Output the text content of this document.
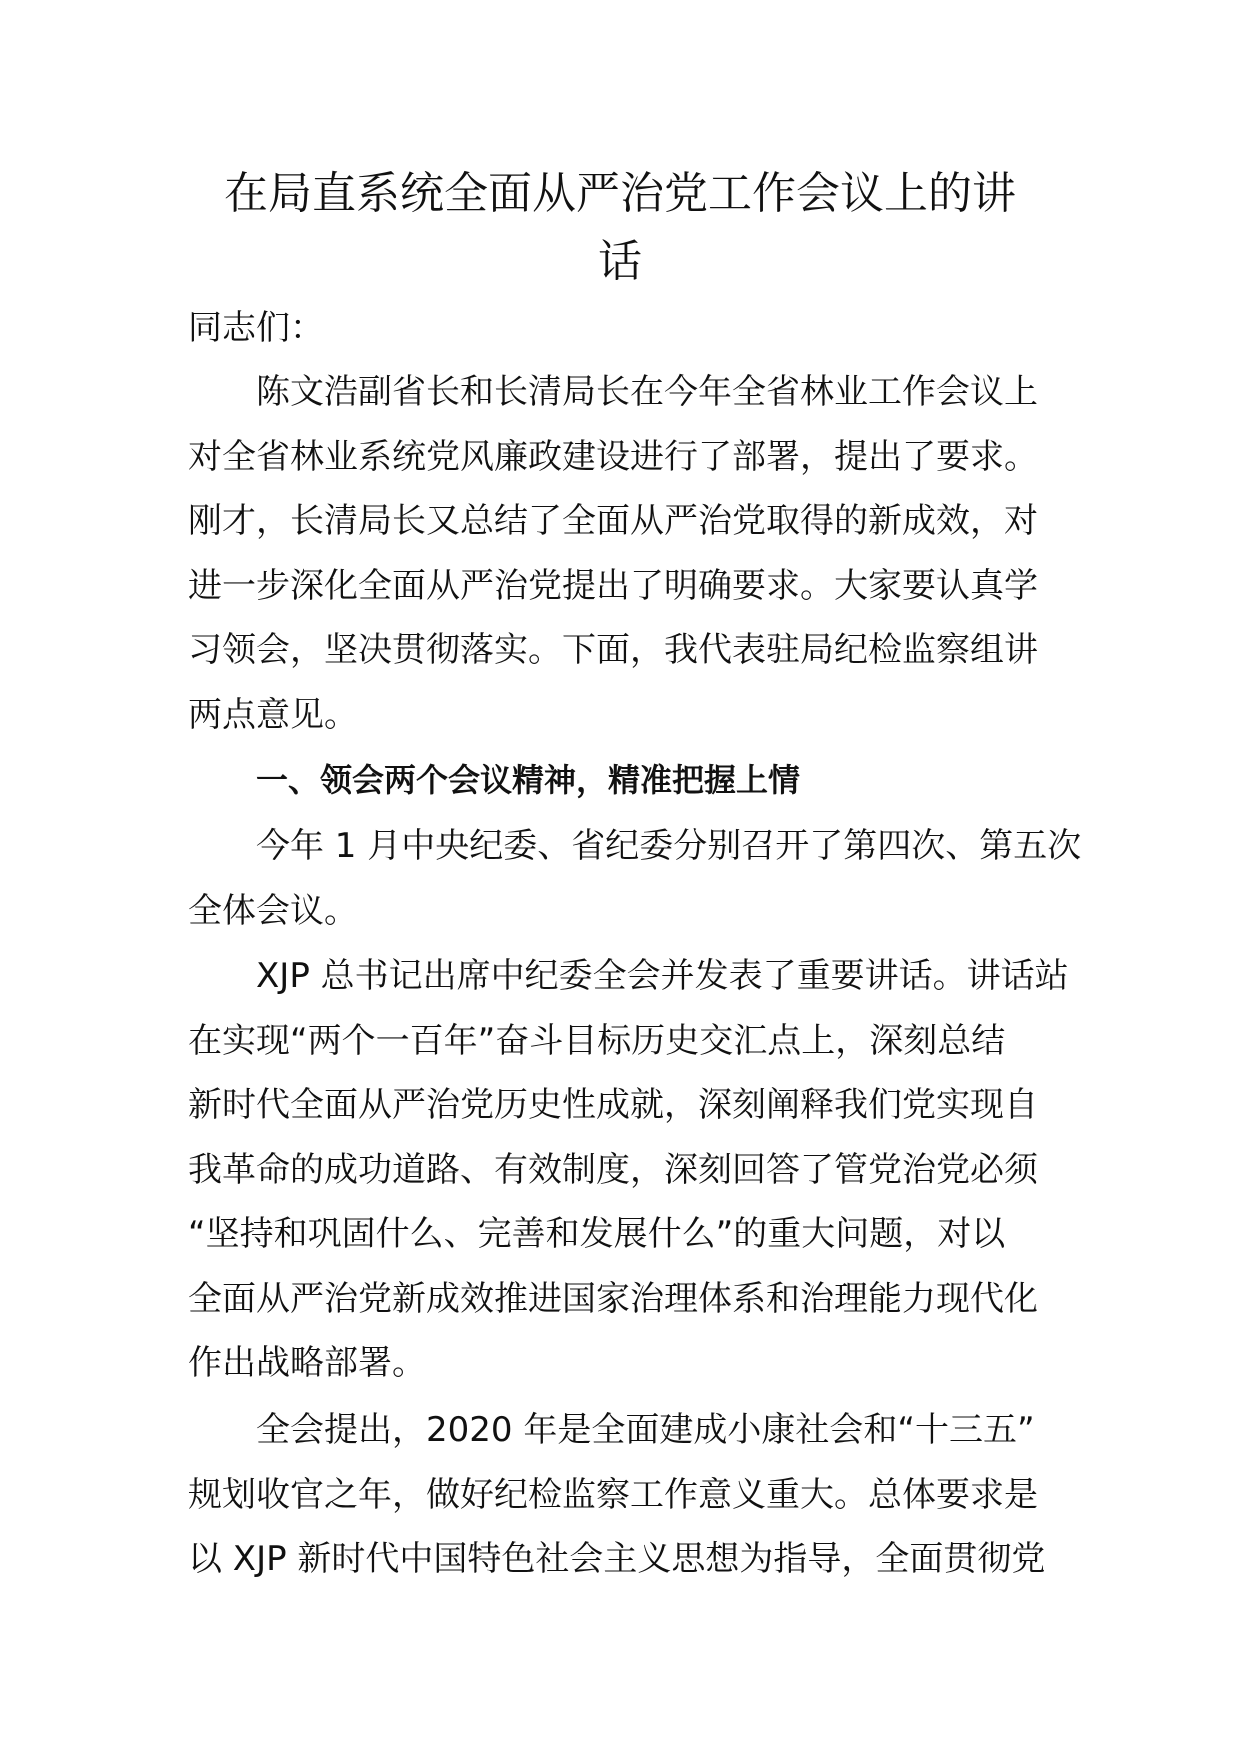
在局直系统全面从严治党工作会议上的讲
话

同志们：

陈文浩副省长和长清局长在今年全省林业工作会议上
对全省林业系统党风廉政建设进行了部署，提出了要求。
刚才，长清局长又总结了全面从严治党取得的新成效，对
进一步深化全面从严治党提出了明确要求。大家要认真学
习领会，坚决贯彻落实。下面，我代表驻局纪检监察组讲
两点意见。
一、领会两个会议精神，精准把握上情
今年 1 月中央纪委、省纪委分别召开了第四次、第五次
全体会议。
XJP 总书记出席中纪委全会并发表了重要讲话。讲话站
在实现“两个一百年”奋斗目标历史交汇点上，深刻总结
新时代全面从严治党历史性成就，深刻阐释我们党实现自
我革命的成功道路、有效制度，深刻回答了管党治党必须
“坚持和巩固什么、完善和发展什么”的重大问题，对以
全面从严治党新成效推进国家治理体系和治理能力现代化
作出战略部署。
全会提出，2020 年是全面建成小康社会和“十三五”
规划收官之年，做好纪检监察工作意义重大。总体要求是
以 XJP 新时代中国特色社会主义思想为指导，全面贯彻党
